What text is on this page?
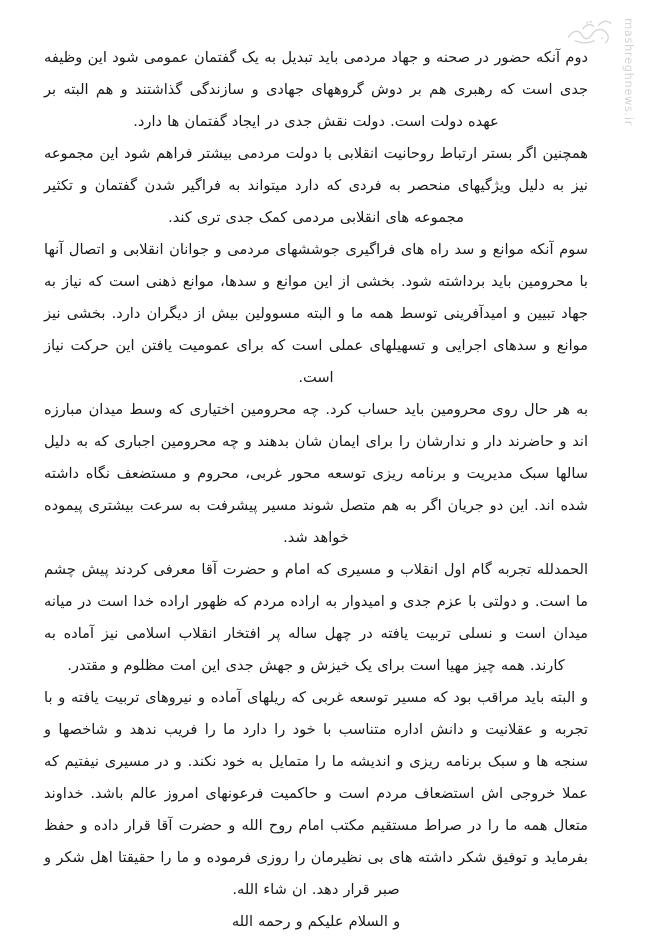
mashreghnews.ir

دوم آنکه حضور در صحنه و جهاد مردمی باید تبدیل به یک گفتمان عمومی شود این وظیفه جدی است که رهبری هم بر دوش گروههای جهادی و سازندگی گذاشتند و هم البته بر عهده دولت است. دولت نقش جدی در ایجاد گفتمان ها دارد.

همچنین اگر بستر ارتباط روحانیت انقلابی با دولت مردمی بیشتر فراهم شود این مجموعه نیز به دلیل ویژگیهای منحصر به فردی که دارد میتواند به فراگیر شدن گفتمان و تکثیر مجموعه های انقلابی مردمی کمک جدی تری کند.

سوم آنکه موانع و سد راه های فراگیری جوششهای مردمی و جوانان انقلابی و اتصال آنها با محرومین باید برداشته شود. بخشی از این موانع و سدها، موانع ذهنی است که نیاز به جهاد تبیین و امیدآفرینی توسط همه ما و البته مسوولین بیش از دیگران دارد. بخشی نیز موانع و سدهای اجرایی و تسهیلهای عملی است که برای عمومیت یافتن این حرکت نیاز است.

به هر حال روی محرومین باید حساب کرد. چه محرومین اختیاری که وسط میدان مبارزه اند و حاضرند دار و ندارشان را برای ایمان شان بدهند و چه محرومین اجباری که به دلیل سالها سبک مدیریت و برنامه ریزی توسعه محور غربی، محروم و مستضعف نگاه داشته شده اند. این دو جریان اگر به هم متصل شوند مسیر پیشرفت به سرعت بیشتری پیموده خواهد شد.

الحمدلله تجربه گام اول انقلاب و مسیری که امام و حضرت آقا معرفی کردند پیش چشم ما است. و دولتی با عزم جدی و امیدوار به اراده مردم که ظهور اراده خدا است در میانه میدان است و نسلی تربیت یافته در چهل ساله پر افتخار انقلاب اسلامی نیز آماده به کارند. همه چیز مهیا است برای یک خیزش و جهش جدی این امت مظلوم و مقتدر.

و البته باید مراقب بود که مسیر توسعه غربی که ریلهای آماده و نیروهای تربیت یافته و با تجربه و عقلانیت و دانش اداره متناسب با خود را دارد ما را فریب ندهد و شاخصها و سنجه ها و سبک برنامه ریزی و اندیشه ما را متمایل به خود نکند. و در مسیری نیفتیم که عملا خروجی اش استضعاف مردم است و حاکمیت فرعونهای امروز عالم باشد. خداوند متعال همه ما را در صراط مستقیم مکتب امام روح الله و حضرت آقا قرار داده و حفظ بفرماید و توفیق شکر داشته های بی نظیرمان را روزی فرموده و ما را حقیقتا اهل شکر و صبر قرار دهد. ان شاء الله.

و السلام علیکم و رحمه الله
